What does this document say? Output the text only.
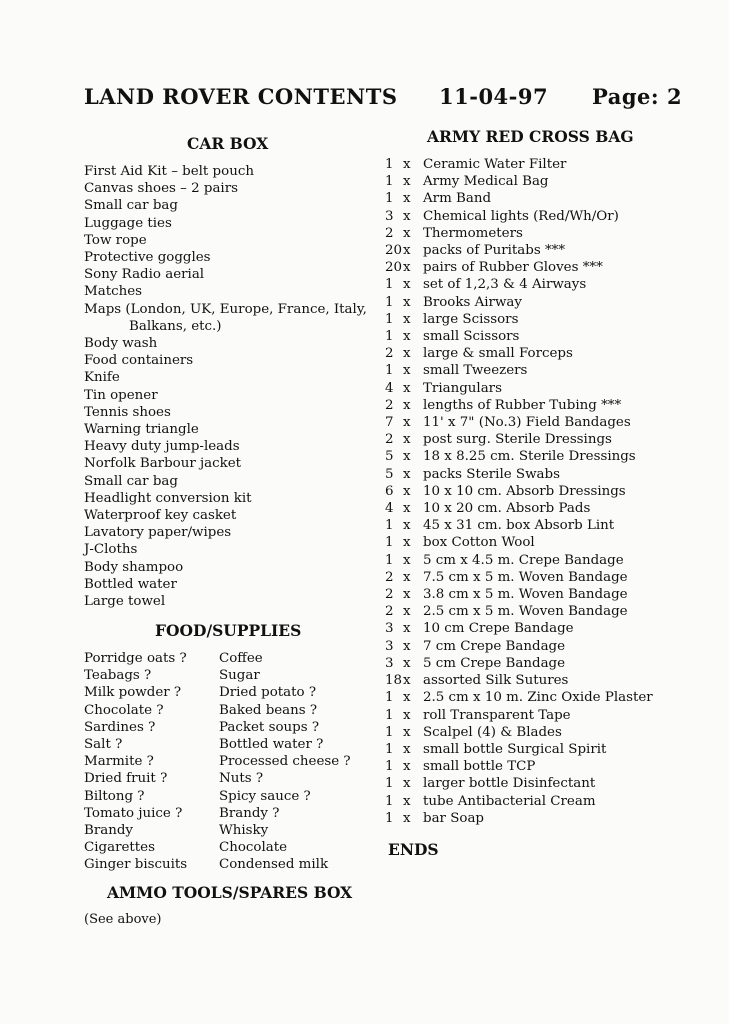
LAND ROVER CONTENTS 11-04-97 Page: 2
CAR BOX
First Aid Kit – belt pouch
Canvas shoes – 2 pairs
Small car bag
Luggage ties
Tow rope
Protective goggles
Sony Radio aerial
Matches
Maps (London, UK, Europe, France, Italy,
Balkans, etc.)
Body wash
Food containers
Knife
Tin opener
Tennis shoes
Warning triangle
Heavy duty jump-leads
Norfolk Barbour jacket
Small car bag
Headlight conversion kit
Waterproof key casket
Lavatory paper/wipes
J-Cloths
Body shampoo
Bottled water
Large towel
FOOD/SUPPLIES
Porridge oats ?
Teabags ?
Milk powder ?
Chocolate ?
Sardines ?
Salt ?
Marmite ?
Dried fruit ?
Biltong ?
Tomato juice ?
Brandy
Cigarettes
Ginger biscuits
Coffee
Sugar
Dried potato ?
Baked beans ?
Packet soups ?
Bottled water ?
Processed cheese ?
Nuts ?
Spicy sauce ?
Brandy ?
Whisky
Chocolate
Condensed milk
AMMO TOOLS/SPARES BOX
(See above)
ARMY RED CROSS BAG
1 x Ceramic Water Filter
1 x Army Medical Bag
1 x Arm Band
3 x Chemical lights (Red/Wh/Or)
2 x Thermometers
20 x packs of Puritabs ***
20 x pairs of Rubber Gloves ***
1 x set of 1,2,3 & 4 Airways
1 x Brooks Airway
1 x large Scissors
1 x small Scissors
2 x large & small Forceps
1 x small Tweezers
4 x Triangulars
2 x lengths of Rubber Tubing ***
7 x 11' x 7" (No.3) Field Bandages
2 x post surg. Sterile Dressings
5 x 18 x 8.25 cm. Sterile Dressings
5 x packs Sterile Swabs
6 x 10 x 10 cm. Absorb Dressings
4 x 10 x 20 cm. Absorb Pads
1 x 45 x 31 cm. box Absorb Lint
1 x box Cotton Wool
1 x 5 cm x 4.5 m. Crepe Bandage
2 x 7.5 cm x 5 m. Woven Bandage
2 x 3.8 cm x 5 m. Woven Bandage
2 x 2.5 cm x 5 m. Woven Bandage
3 x 10 cm Crepe Bandage
3 x 7 cm Crepe Bandage
3 x 5 cm Crepe Bandage
18 x assorted Silk Sutures
1 x 2.5 cm x 10 m. Zinc Oxide Plaster
1 x roll Transparent Tape
1 x Scalpel (4) & Blades
1 x small bottle Surgical Spirit
1 x small bottle TCP
1 x larger bottle Disinfectant
1 x tube Antibacterial Cream
1 x bar Soap
ENDS
